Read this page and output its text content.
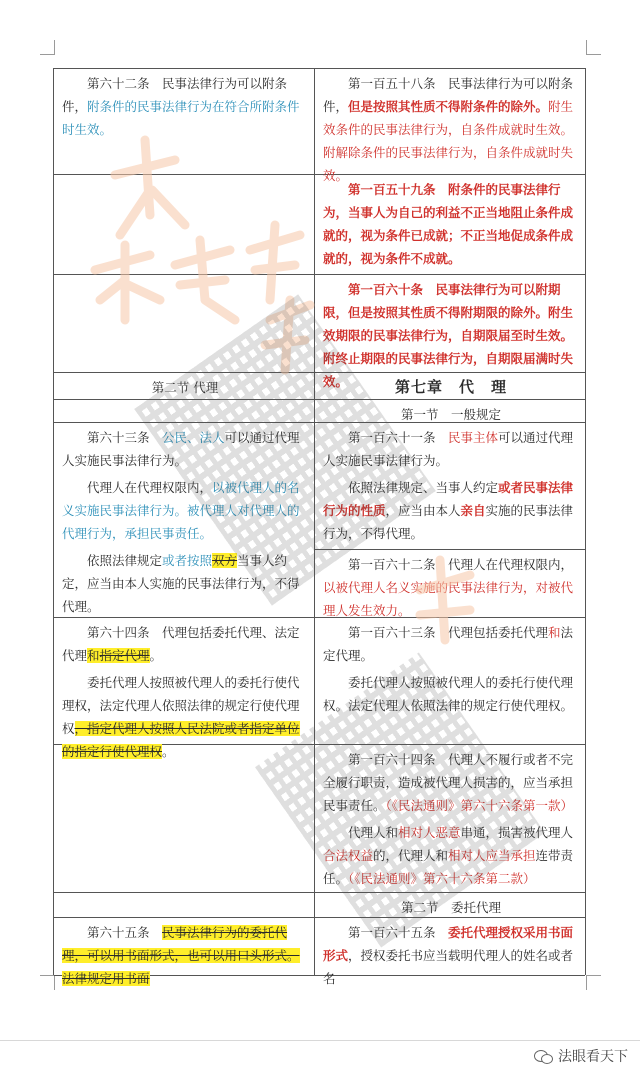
第六十二条　民事法律行为可以附条件，附条件的民事法律行为在符合所附条件时生效。

第一百五十八条　民事法律行为可以附条件，但是按照其性质不得附条件的除外。附生效条件的民事法律行为，自条件成就时生效。附解除条件的民事法律行为，自条件成就时失效。

第一百五十九条　附条件的民事法律行为，当事人为自己的利益不正当地阻止条件成就的，视为条件已成就；不正当地促成条件成就的，视为条件不成就。

第一百六十条　民事法律行为可以附期限，但是按照其性质不得附期限的除外。附生效期限的民事法律行为，自期限届至时生效。附终止期限的民事法律行为，自期限届满时失效。

第二节 代理	第七章　代　理
第一节　一般规定

第六十三条　公民、法人可以通过代理人实施民事法律行为。

代理人在代理权限内，以被代理人的名义实施民事法律行为。被代理人对代理人的代理行为，承担民事责任。

依照法律规定或者按照双方当事人约定，应当由本人实施的民事法律行为，不得代理。

第一百六十一条　民事主体可以通过代理人实施民事法律行为。

依照法律规定、当事人约定或者民事法律行为的性质，应当由本人亲自实施的民事法律行为，不得代理。

第一百六十二条　代理人在代理权限内，以被代理人名义实施的民事法律行为，对被代理人发生效力。

第六十四条　代理包括委托代理、法定代理和指定代理。

委托代理人按照被代理人的委托行使代理权，法定代理人依照法律的规定行使代理权，指定代理人按照人民法院或者指定单位的指定行使代理权。

第一百六十三条　代理包括委托代理和法定代理。

委托代理人按照被代理人的委托行使代理权。法定代理人依照法律的规定行使代理权。

第一百六十四条　代理人不履行或者不完全履行职责，造成被代理人损害的，应当承担民事责任。（《民法通则》第六十六条第一款）

代理人和相对人恶意串通，损害被代理人合法权益的，代理人和相对人应当承担连带责任。（《民法通则》第六十六条第二款）

第二节　委托代理

第六十五条　民事法律行为的委托代理，可以用书面形式，也可以用口头形式。法律规定用书面

第一百六十五条　委托代理授权采用书面形式，授权委托书应当载明代理人的姓名或者名

法眼看天下
